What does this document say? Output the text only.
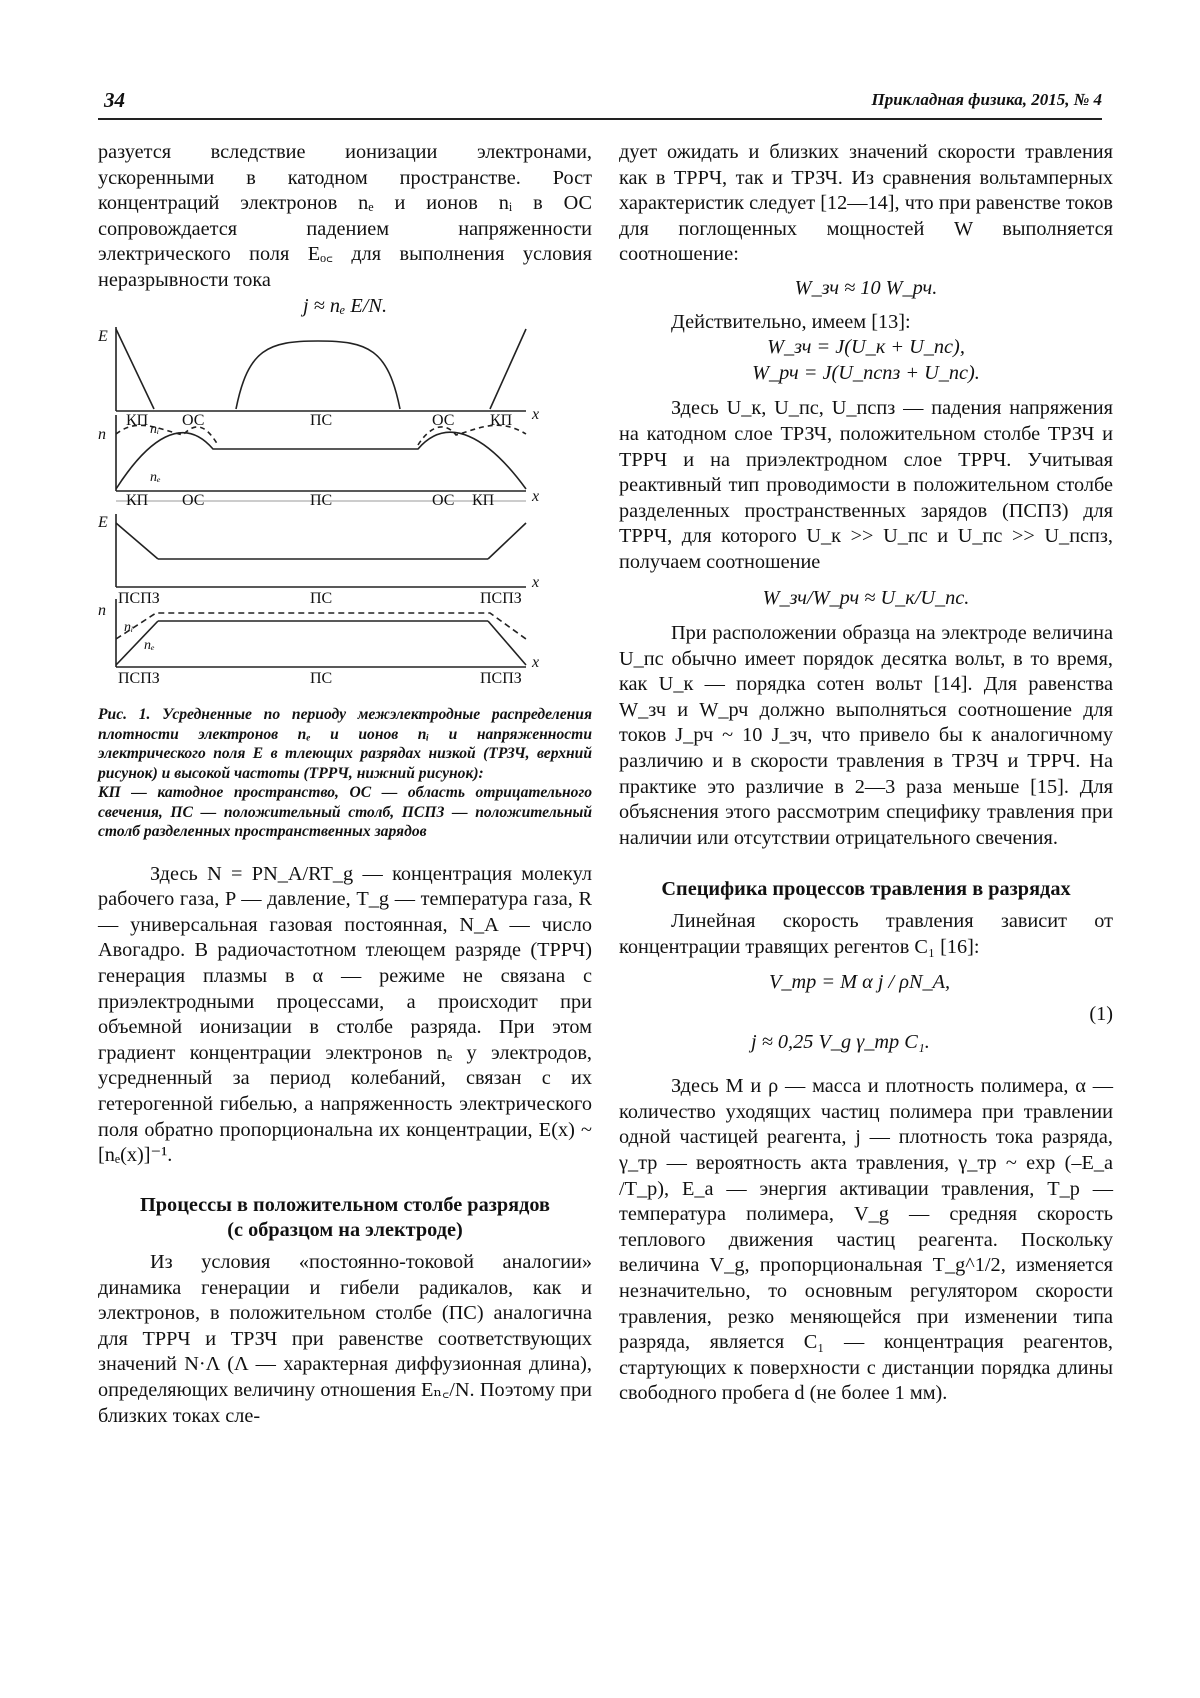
34	Прикладная физика, 2015, № 4

разуется вследствие ионизации электронами, ускоренными в катодном пространстве. Рост концентраций электронов nₑ и ионов nᵢ в ОС сопровождается падением напряженности электрического поля Eₒ꜀ для выполнения условия неразрывности тока

j ≈ nₑ E/N.

E
x
КП ОС	ПС	ОС КП
n	nᵢ
nₑ
x
КП ОС	ПС	ОС КП
E
x
ПСПЗ	ПС	ПСПЗ
n
nᵢ
nₑ
x
ПСПЗ	ПС	ПСПЗ

Рис. 1. Усредненные по периоду межэлектродные распределения плотности электронов nₑ и ионов nᵢ и напряженности электрического поля E в тлеющих разрядах низкой (ТРЗЧ, верхний рисунок) и высокой частоты (ТРРЧ, нижний рисунок):

КП — катодное пространство, ОС — область отрицательного свечения, ПС — положительный столб, ПСПЗ — положительный столб разделенных пространственных зарядов

Здесь N = PN_A/RT_g — концентрация молекул рабочего газа, P — давление, T_g — температура газа, R — универсальная газовая постоянная, N_A — число Авогадро. В радиочастотном тлеющем разряде (ТРРЧ) генерация плазмы в α — режиме не связана с приэлектродными процессами, а происходит при объемной ионизации в столбе разряда. При этом градиент концентрации электронов nₑ у электродов, усредненный за период колебаний, связан с их гетерогенной гибелью, а напряженность электрического поля обратно пропорциональна их концентрации, E(x) ~ [nₑ(x)]⁻¹.

Процессы в положительном столбе разрядов

(с образцом на электроде)

Из условия «постоянно-токовой аналогии» динамика генерации и гибели радикалов, как и электронов, в положительном столбе (ПС) аналогична для ТРРЧ и ТРЗЧ при равенстве соответствующих значений N·Λ (Λ — характерная диффузионная длина), определяющих величину отношения Eₙ꜀/N. Поэтому при близких токах сле-

дует ожидать и близких значений скорости травления как в ТРРЧ, так и ТРЗЧ. Из сравнения вольтамперных характеристик следует [12—14], что при равенстве токов для поглощенных мощностей W выполняется соотношение:

W_зч ≈ 10 W_рч.

Действительно, имеем [13]:

W_зч = J(U_к + U_пс),

W_рч = J(U_пспз + U_пс).

Здесь U_к, U_пс, U_пспз — падения напряжения на катодном слое ТРЗЧ, положительном столбе ТРЗЧ и ТРРЧ и на приэлектродном слое ТРРЧ. Учитывая реактивный тип проводимости в положительном столбе разделенных пространственных зарядов (ПСПЗ) для ТРРЧ, для которого U_к >> U_пс и U_пс >> U_пспз, получаем соотношение

W_зч/W_рч ≈ U_к/U_пс.

При расположении образца на электроде величина U_пс обычно имеет порядок десятка вольт, в то время, как U_к — порядка сотен вольт [14]. Для равенства W_зч и W_рч должно выполняться соотношение для токов J_рч ~ 10 J_зч, что привело бы к аналогичному различию и в скорости травления в ТРЗЧ и ТРРЧ. На практике это различие в 2—3 раза меньше [15]. Для объяснения этого рассмотрим специфику травления при наличии или отсутствии отрицательного свечения.

Специфика процессов травления в разрядах

Линейная скорость травления зависит от концентрации травящих регентов C₁ [16]:

V_тр = M α j / ρN_A,
j ≈ 0,25 V_g γ_тр C₁.
(1)

Здесь M и ρ — масса и плотность полимера, α — количество уходящих частиц полимера при травлении одной частицей реагента, j — плотность тока разряда, γ_тр — вероятность акта травления, γ_тр ~ exp (–E_a /T_p), E_a — энергия активации травления, T_p — температура полимера, V_g — средняя скорость теплового движения частиц реагента. Поскольку величина V_g, пропорциональная T_g^1/2, изменяется незначительно, то основным регулятором скорости травления, резко меняющейся при изменении типа разряда, является C₁ — концентрация реагентов, стартующих к поверхности с дистанции порядка длины свободного пробега d (не более 1 мм).
